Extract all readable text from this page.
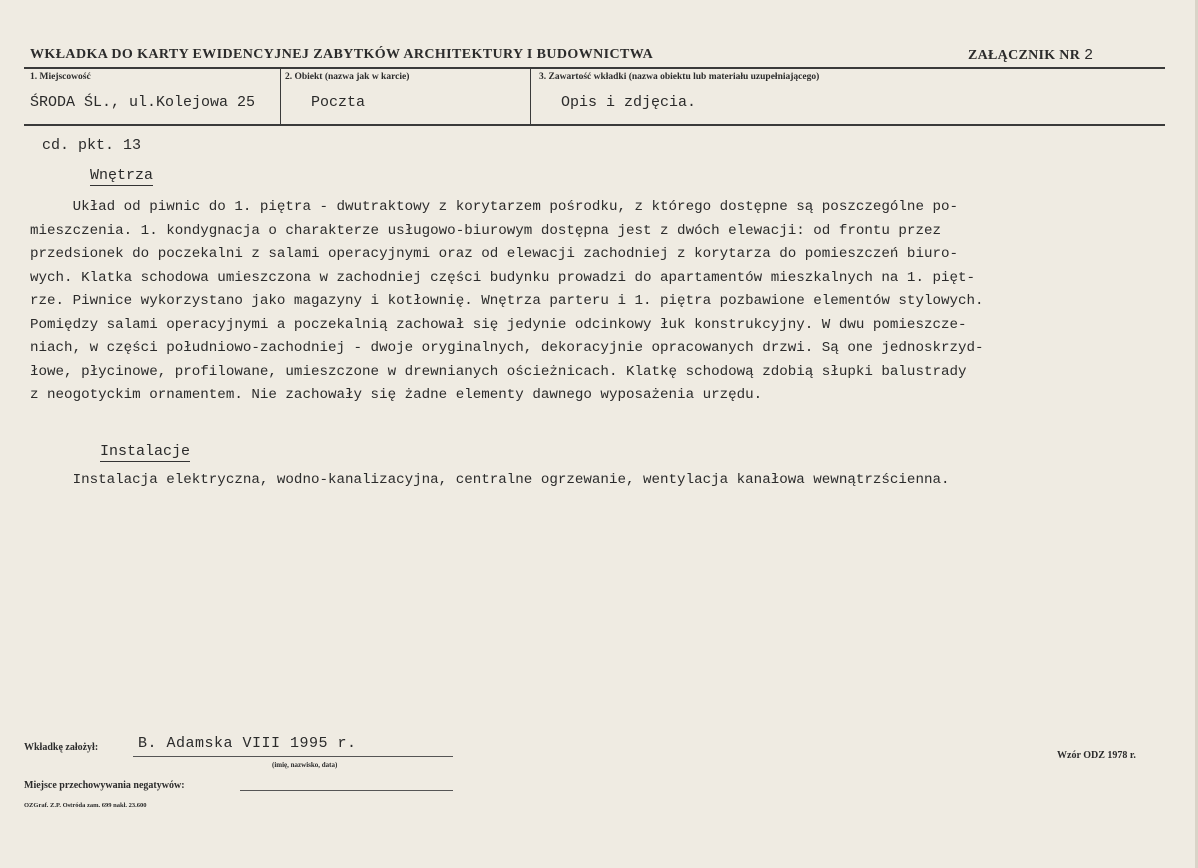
WKŁADKA DO KARTY EWIDENCYJNEJ ZABYTKÓW ARCHITEKTURY I BUDOWNICTWA	ZAŁĄCZNIK NR 2
1. Miejscowość
ŚRODA ŚL., ul.Kolejowa 25
2. Obiekt (nazwa jak w karcie)
Poczta
3. Zawartość wkładki (nazwa obiektu lub materiału uzupełniającego)
Opis i zdjęcia.
cd. pkt. 13
Wnętrza
Układ od piwnic do 1. piętra - dwutraktowy z korytarzem pośrodku, z którego dostępne są poszczególne po-
mieszczenia. 1. kondygnacja o charakterze usługowo-biurowym dostępna jest z dwóch elewacji: od frontu przez
przedsionek do poczekalni z salami operacyjnymi oraz od elewacji zachodniej z korytarza do pomieszczeń biuro-
wych. Klatka schodowa umieszczona w zachodniej części budynku prowadzi do apartamentów mieszkalnych na 1. pięt-
rze. Piwnice wykorzystano jako magazyny i kotłownię. Wnętrza parteru i 1. piętra pozbawione elementów stylowych.
Pomiędzy salami operacyjnymi a poczekalnią zachował się jedynie odcinkowy łuk konstrukcyjny. W dwu pomieszcze-
niach, w części południowo-zachodniej - dwoje oryginalnych, dekoracyjnie opracowanych drzwi. Są one jednoskrzyd-
łowe, płycinowe, profilowane, umieszczone w drewnianych ościeżnicach. Klatkę schodową zdobią słupki balustrady
z neogotyckim ornamentem. Nie zachowały się żadne elementy dawnego wyposażenia urzędu.
Instalacje
Instalacja elektryczna, wodno-kanalizacyjna, centralne ogrzewanie, wentylacja kanałowa wewnątrzścienna.
Wkładkę założył:	B. Adamska VIII 1995 r.
(imię, nazwisko, data)
Miejsce przechowywania negatywów:
Wzór ODZ 1978 r.
OZGraf. Z.P. Ostróda zam. 699 nakł. 23.600
